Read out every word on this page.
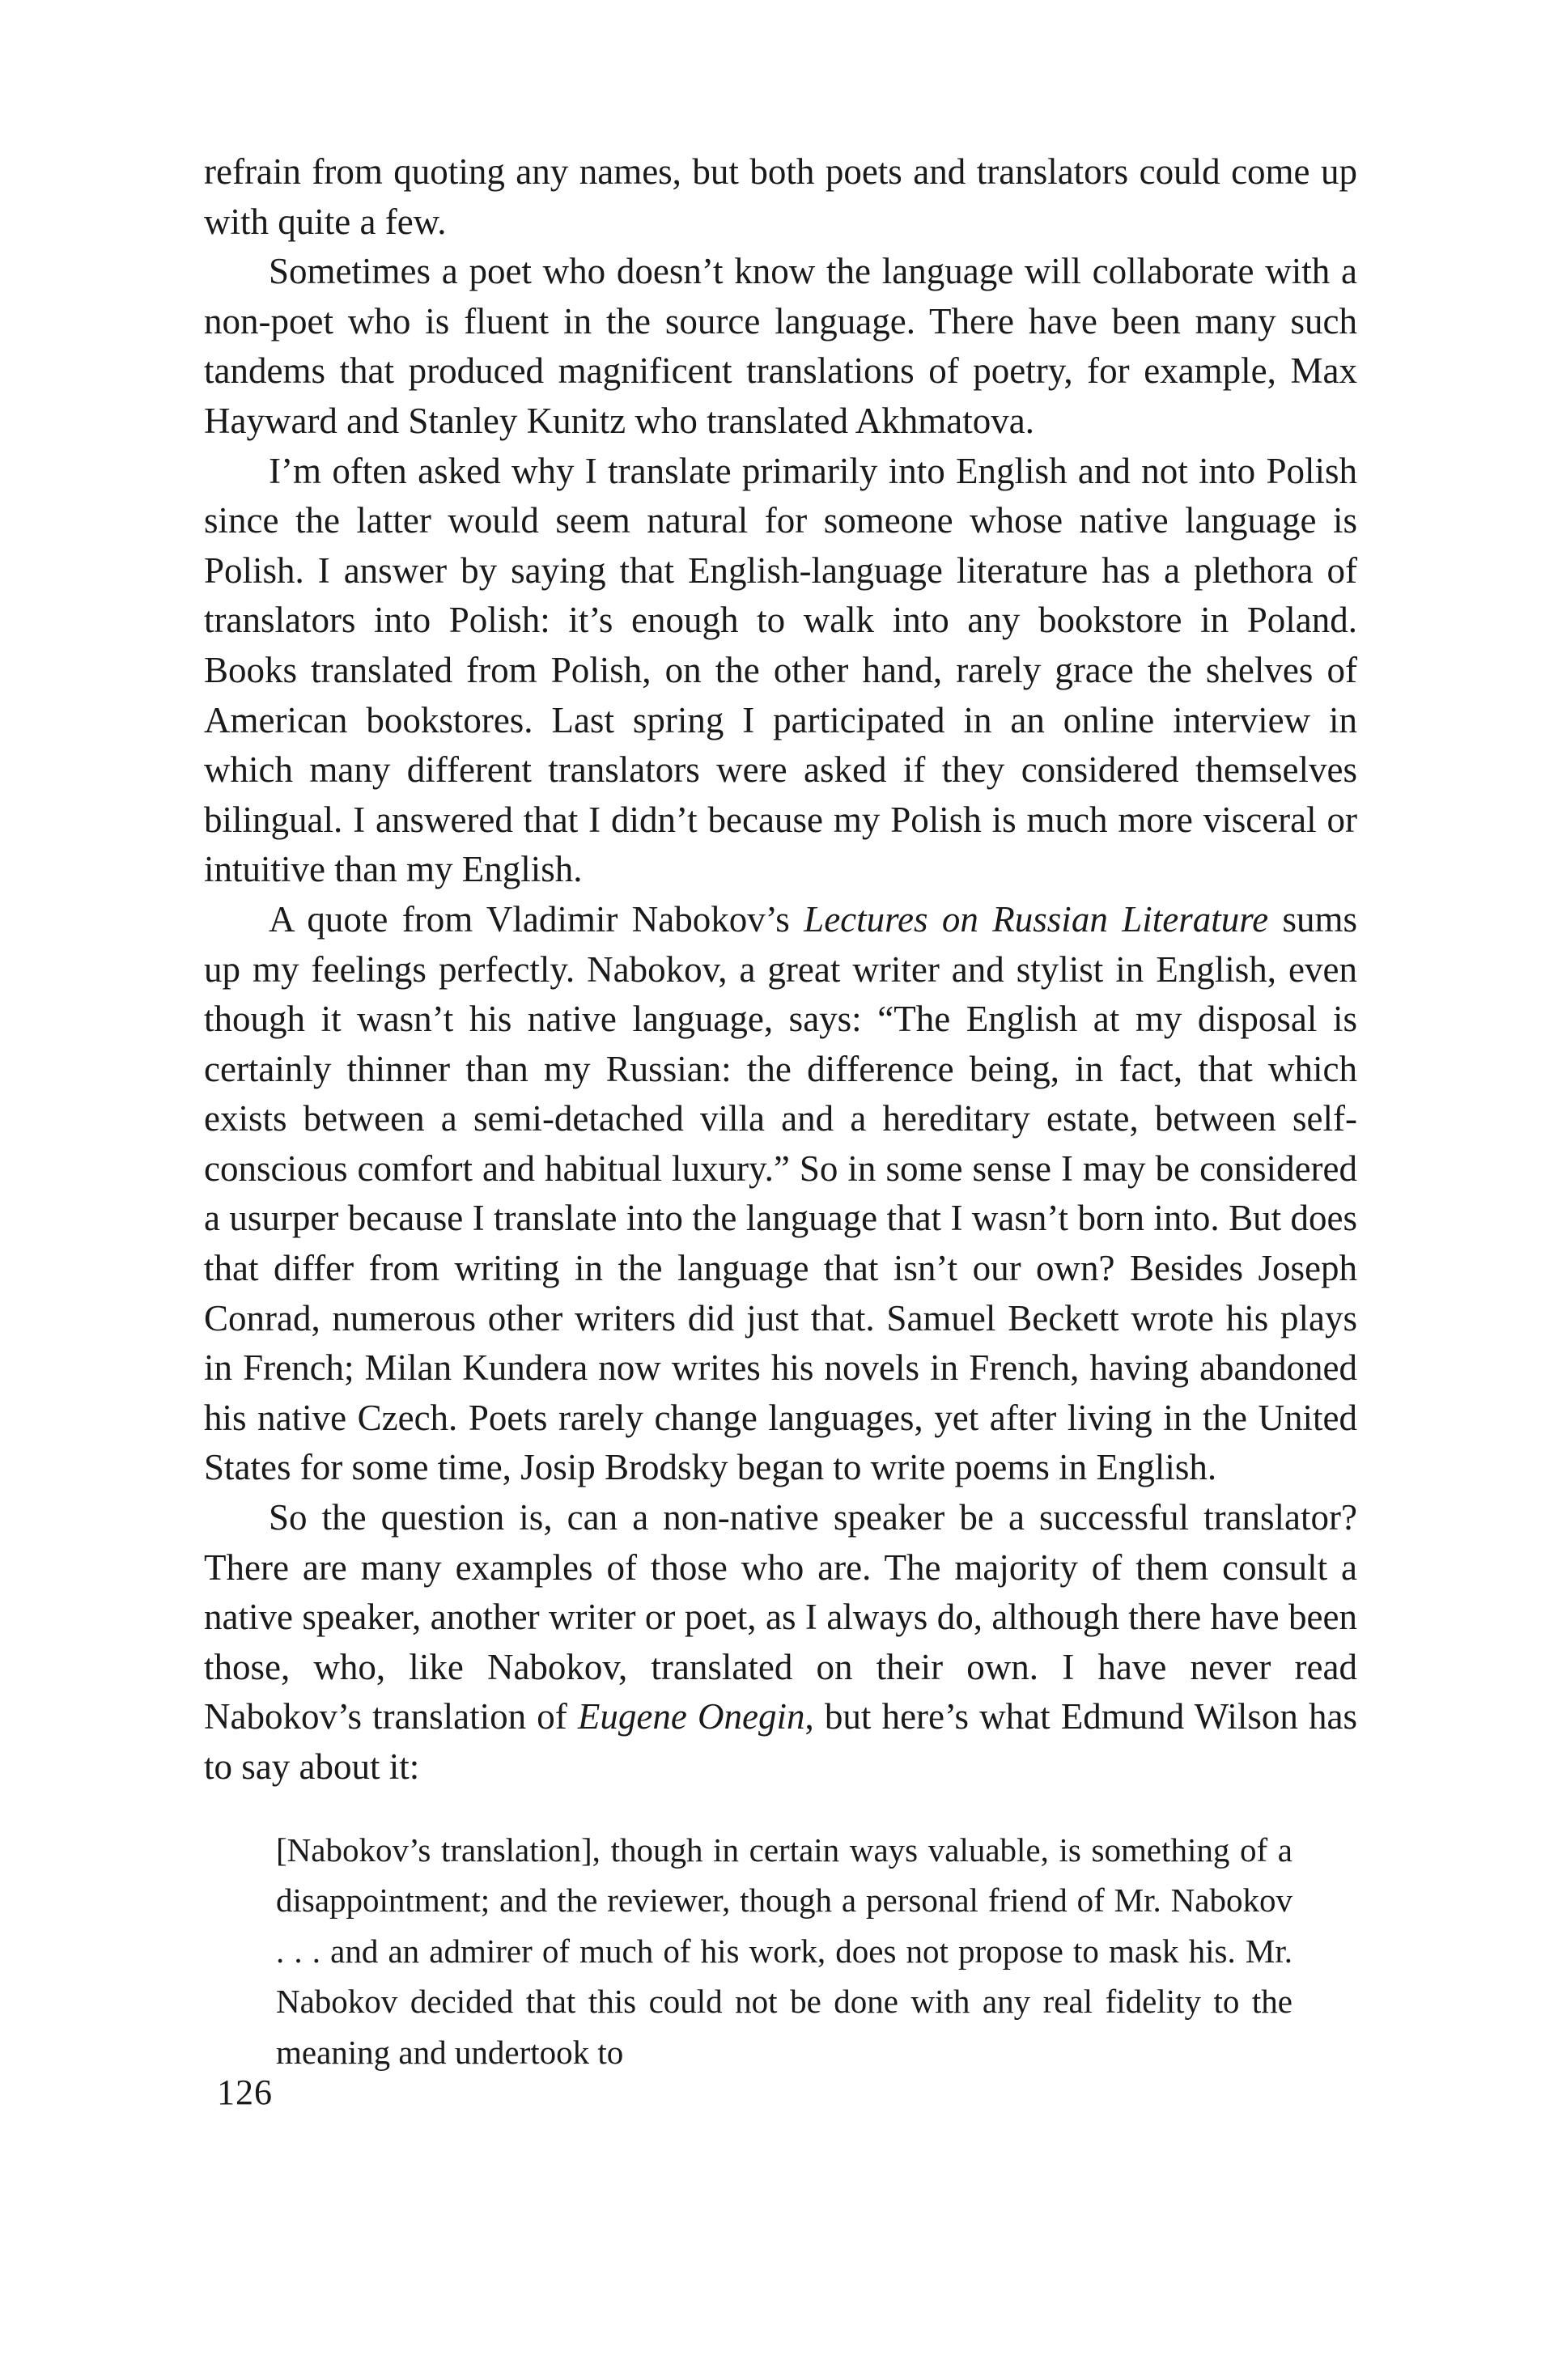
refrain from quoting any names, but both poets and translators could come up with quite a few.

Sometimes a poet who doesn’t know the language will collaborate with a non-poet who is fluent in the source language. There have been many such tandems that produced magnificent translations of poetry, for example, Max Hayward and Stanley Kunitz who translated Akhmatova.

I’m often asked why I translate primarily into English and not into Polish since the latter would seem natural for someone whose native language is Polish. I answer by saying that English-language literature has a plethora of translators into Polish: it’s enough to walk into any bookstore in Poland. Books translated from Polish, on the other hand, rarely grace the shelves of American bookstores. Last spring I participated in an online interview in which many different translators were asked if they considered themselves bilingual. I answered that I didn’t because my Polish is much more visceral or intuitive than my English.

A quote from Vladimir Nabokov’s Lectures on Russian Literature sums up my feelings perfectly. Nabokov, a great writer and stylist in English, even though it wasn’t his native language, says: “The English at my disposal is certainly thinner than my Russian: the difference being, in fact, that which exists between a semi-detached villa and a hereditary estate, between self-conscious comfort and habitual luxury.” So in some sense I may be considered a usurper because I translate into the language that I wasn’t born into. But does that differ from writing in the language that isn’t our own? Besides Joseph Conrad, numerous other writers did just that. Samuel Beckett wrote his plays in French; Milan Kundera now writes his novels in French, having abandoned his native Czech. Poets rarely change languages, yet after living in the United States for some time, Josip Brodsky began to write poems in English.

So the question is, can a non-native speaker be a successful translator? There are many examples of those who are. The majority of them consult a native speaker, another writer or poet, as I always do, although there have been those, who, like Nabokov, translated on their own. I have never read Nabokov’s translation of Eugene Onegin, but here’s what Edmund Wilson has to say about it:

[Nabokov’s translation], though in certain ways valuable, is something of a disappointment; and the reviewer, though a personal friend of Mr. Nabokov . . . and an admirer of much of his work, does not propose to mask his. Mr. Nabokov decided that this could not be done with any real fidelity to the meaning and undertook to

126
